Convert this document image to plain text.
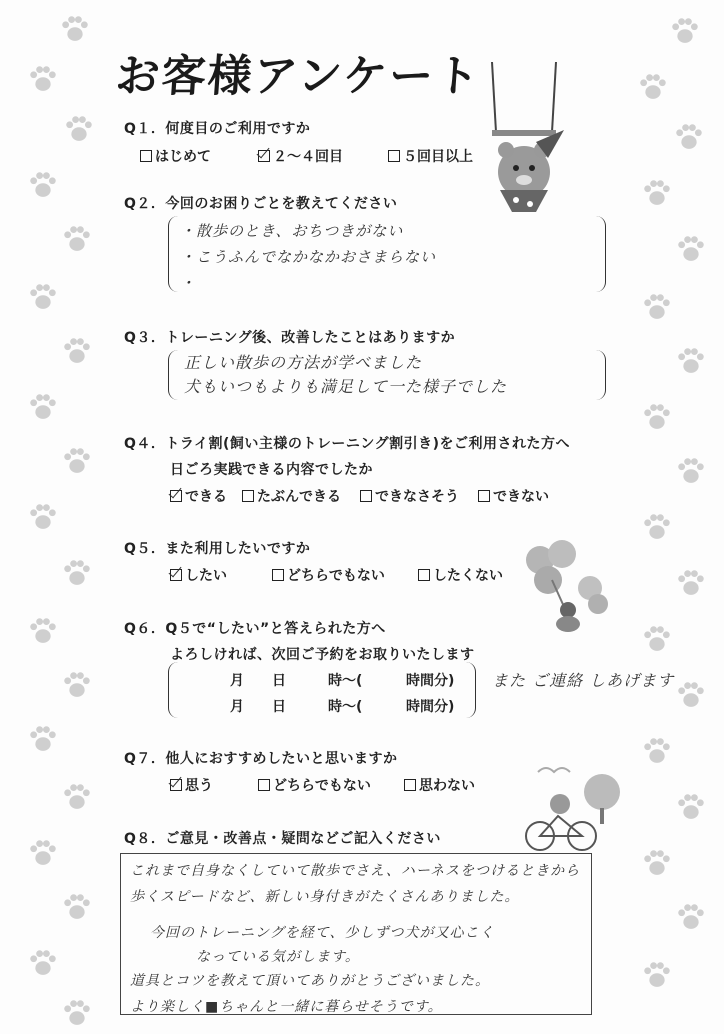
お客様アンケート
Q１．何度目のご利用ですか
はじめて	２～４回目	５回目以上
Q２．今回のお困りごとを教えてください
・散歩のとき、おちつきがない
・こうふんでなかなかおさまらない
・
Q３．トレーニング後、改善したことはありますか
正しい散歩の方法が学べました
犬もいつもよりも満足して一た様子でした
Q４．トライ割(飼い主様のトレーニング割引き)をご利用された方へ
日ごろ実践できる内容でしたか
できる	たぶんできる	できなさそう	できない
Q５．また利用したいですか
したい	どちらでもない	したくない
Q６．Q５で“したい”と答えられた方へ
よろしければ、次回ご予約をお取りいたします
月 日	時～(	時間分)
月 日	時～(	時間分)
また ご連絡 しあげます
Q７．他人におすすめしたいと思いますか
思う	どちらでもない	思わない
Q８．ご意見・改善点・疑問などご記入ください
これまで自身なくしていて散歩でさえ、ハーネスをつけるときから
歩くスピードなど、新しい身付きがたくさんありました。
今回のトレーニングを経て、少しずつ犬が又心こく
なっている気がします。
道具とコツを教えて頂いてありがとうございました。
より楽しく■ちゃんと一緒に暮らせそうです。
